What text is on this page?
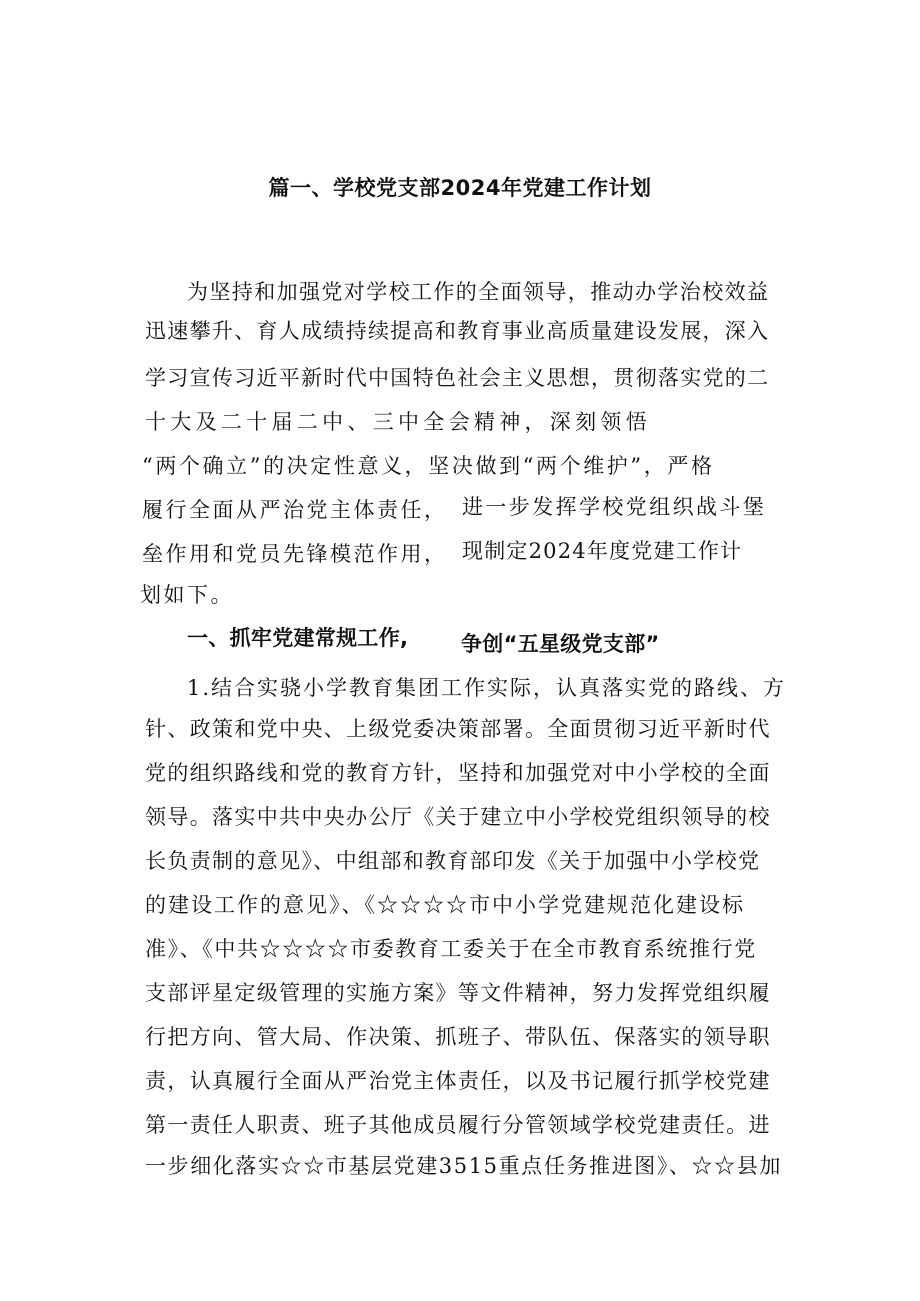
篇一、学校党支部2024年党建工作计划
为坚持和加强党对学校工作的全面领导，推动办学治校效益
迅速攀升、育人成绩持续提高和教育事业高质量建设发展，深入
学习宣传习近平新时代中国特色社会主义思想，贯彻落实党的二
十大及二十届二中、三中全会精神，深刻领悟
“两个确立”的决定性意义，坚决做到“两个维护”，严格
履行全面从严治党主体责任， 进一步发挥学校党组织战斗堡
垒作用和党员先锋模范作用， 现制定2024年度党建工作计
划如下。
一、抓牢党建常规工作,	争创“五星级党支部”
1.结合实骁小学教育集团工作实际，认真落实党的路线、方
针、政策和党中央、上级党委决策部署。全面贯彻习近平新时代
党的组织路线和党的教育方针，坚持和加强党对中小学校的全面
领导。落实中共中央办公厅《关于建立中小学校党组织领导的校
长负责制的意见》、中组部和教育部印发《关于加强中小学校党
的建设工作的意见》、《☆☆☆☆市中小学党建规范化建设标
准》、《中共☆☆☆☆市委教育工委关于在全市教育系统推行党
支部评星定级管理的实施方案》等文件精神，努力发挥党组织履
行把方向、管大局、作决策、抓班子、带队伍、保落实的领导职
责，认真履行全面从严治党主体责任，以及书记履行抓学校党建
第一责任人职责、班子其他成员履行分管领域学校党建责任。进
一步细化落实☆☆市基层党建3515重点任务推进图》、☆☆县加
